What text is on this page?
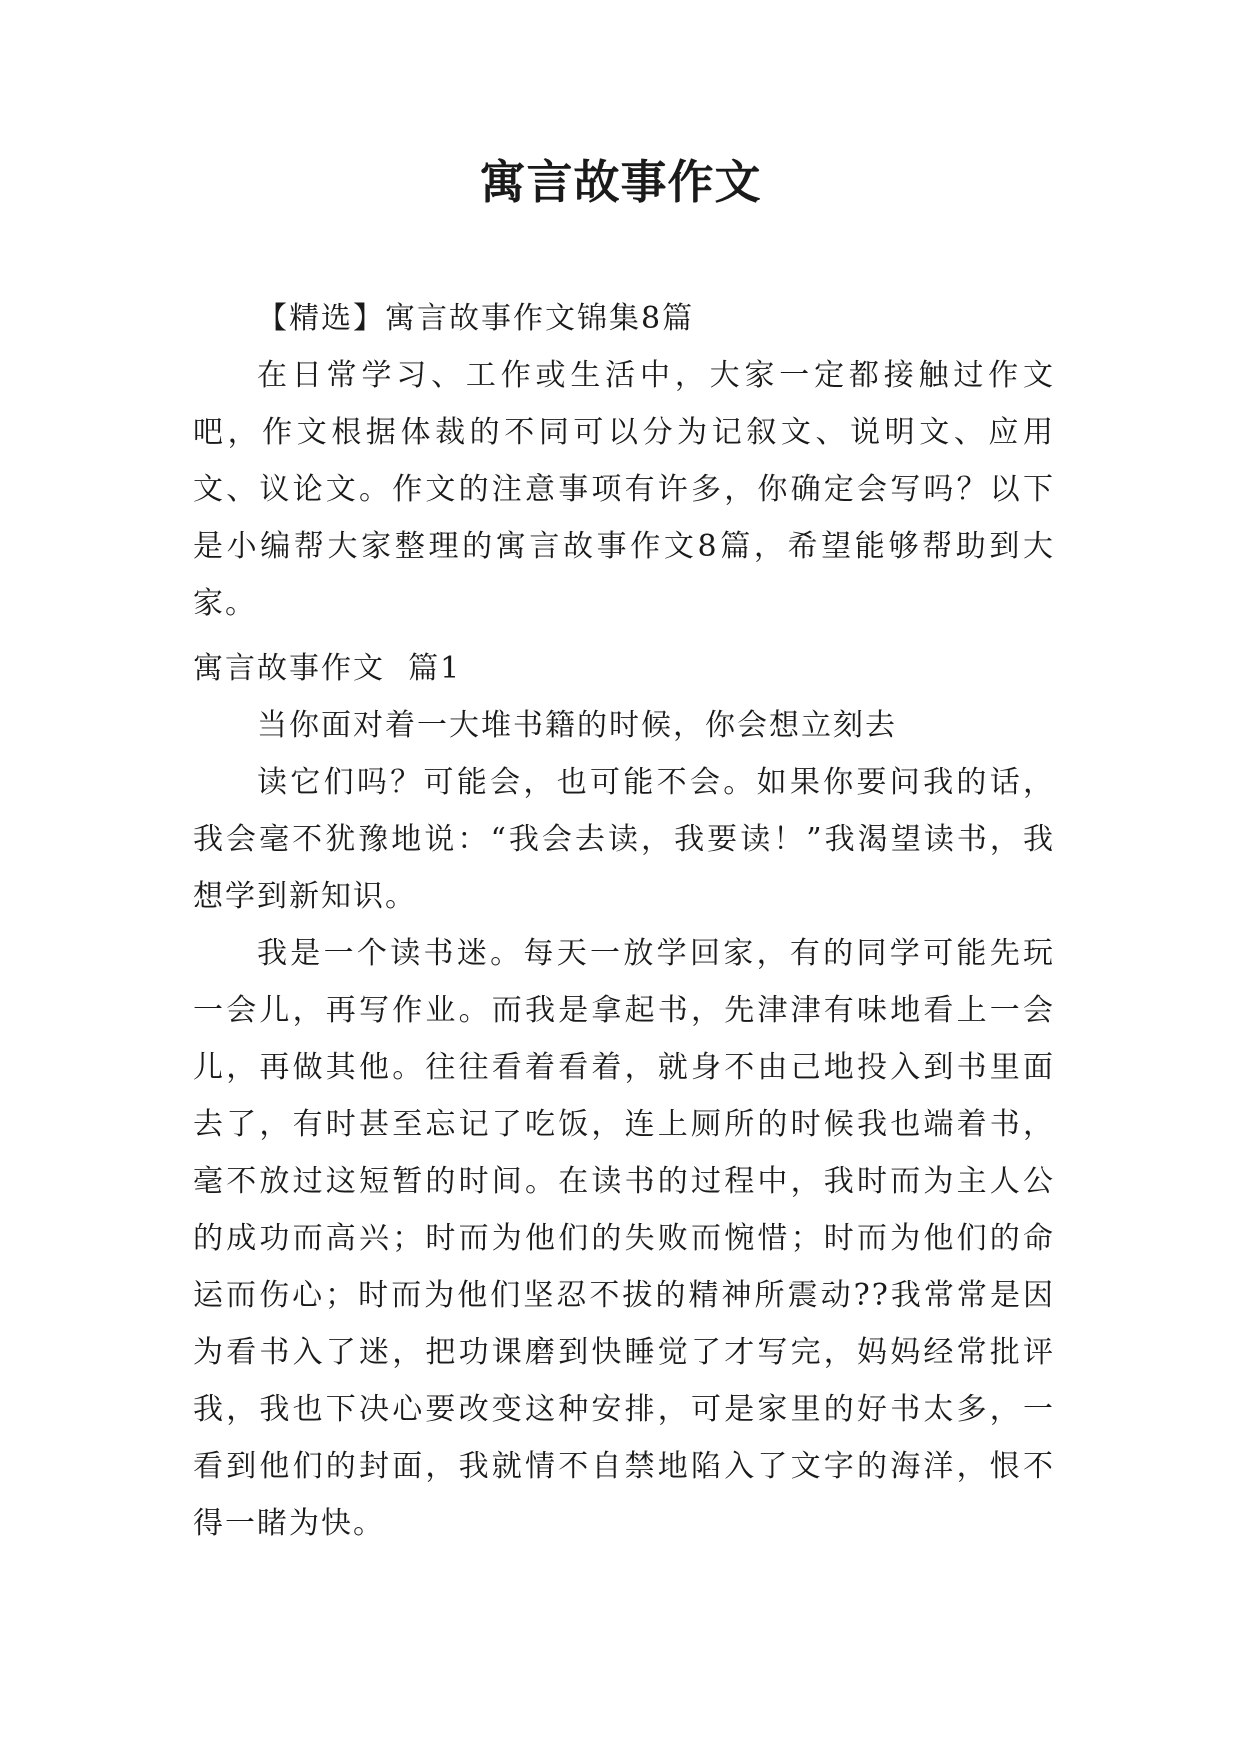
寓言故事作文

【精选】寓言故事作文锦集8篇

在日常学习、工作或生活中，大家一定都接触过作文吧，作文根据体裁的不同可以分为记叙文、说明文、应用文、议论文。作文的注意事项有许多，你确定会写吗？以下是小编帮大家整理的寓言故事作文8篇，希望能够帮助到大家。

寓言故事作文  篇1

当你面对着一大堆书籍的时候，你会想立刻去

读它们吗？可能会，也可能不会。如果你要问我的话，我会毫不犹豫地说：“我会去读，我要读！”我渴望读书，我想学到新知识。

我是一个读书迷。每天一放学回家，有的同学可能先玩一会儿，再写作业。而我是拿起书，先津津有味地看上一会儿，再做其他。往往看着看着，就身不由己地投入到书里面去了，有时甚至忘记了吃饭，连上厕所的时候我也端着书，毫不放过这短暂的时间。在读书的过程中，我时而为主人公的成功而高兴；时而为他们的失败而惋惜；时而为他们的命运而伤心；时而为他们坚忍不拔的精神所震动??我常常是因为看书入了迷，把功课磨到快睡觉了才写完，妈妈经常批评我，我也下决心要改变这种安排，可是家里的好书太多，一看到他们的封面，我就情不自禁地陷入了文字的海洋，恨不得一睹为快。
